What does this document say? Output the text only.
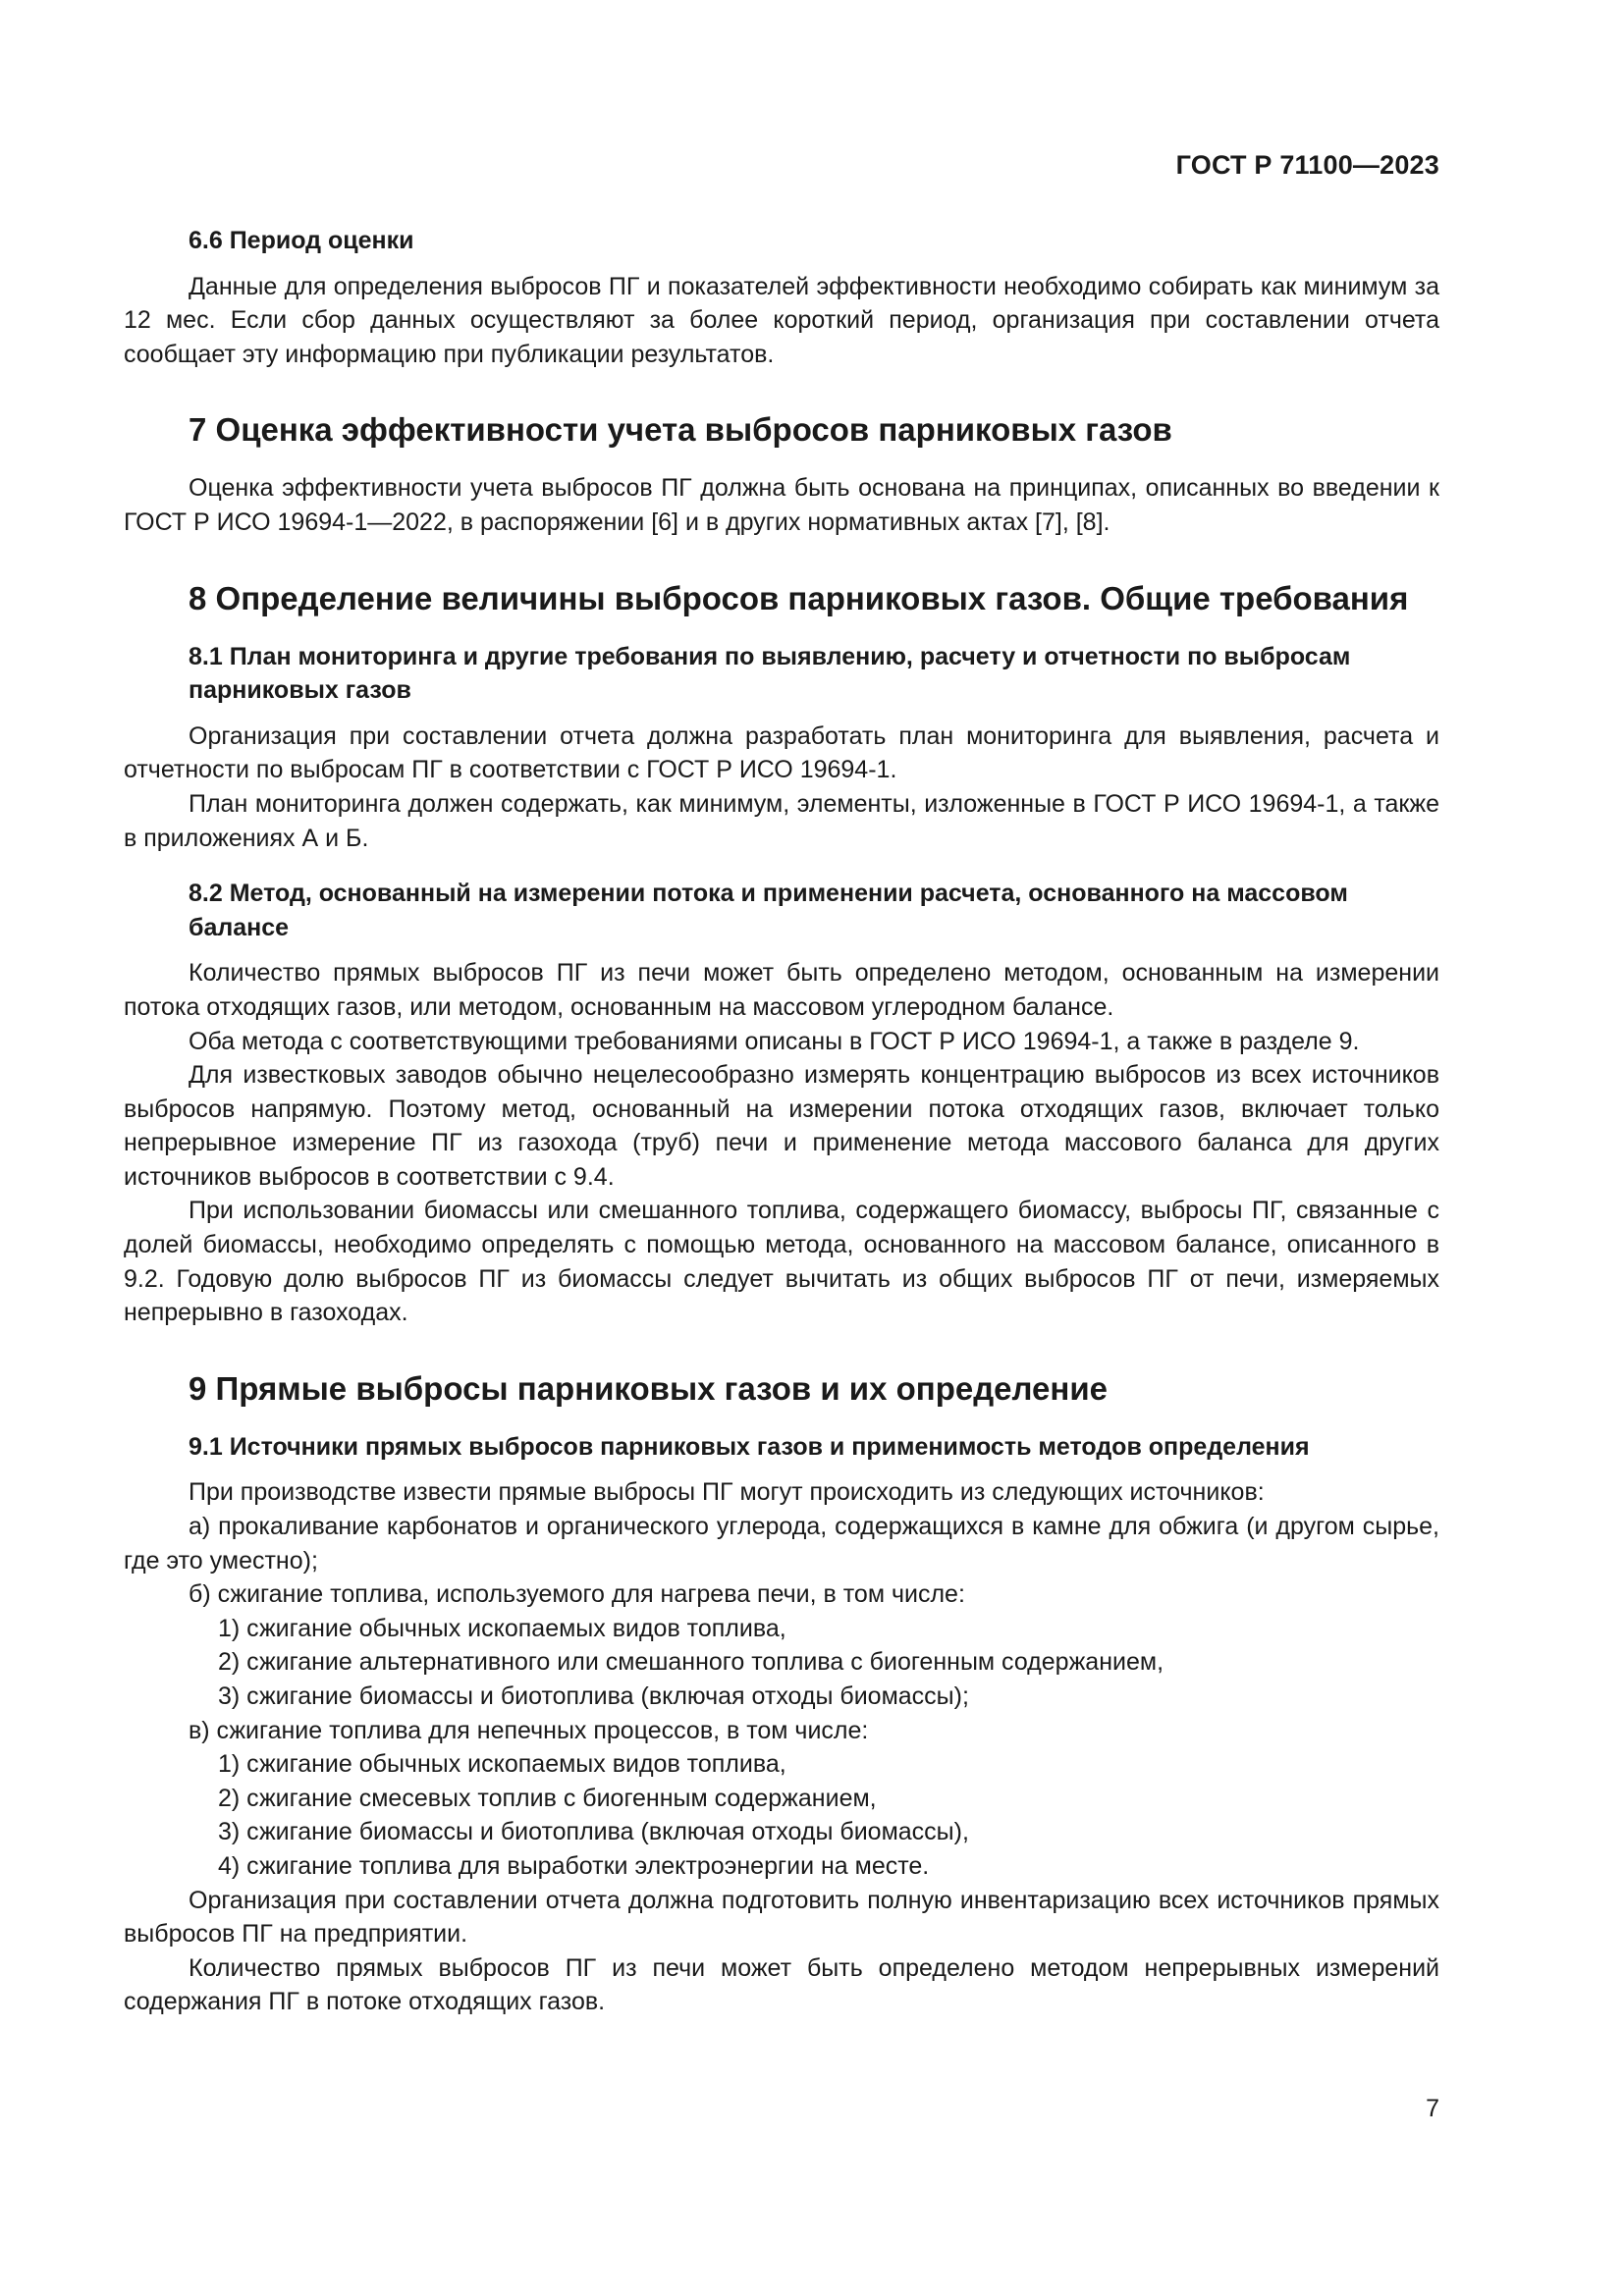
ГОСТ Р 71100—2023
6.6 Период оценки

Данные для определения выбросов ПГ и показателей эффективности необходимо собирать как минимум за 12 мес. Если сбор данных осуществляют за более короткий период, организация при составлении отчета сообщает эту информацию при публикации результатов.

7 Оценка эффективности учета выбросов парниковых газов

Оценка эффективности учета выбросов ПГ должна быть основана на принципах, описанных во введении к ГОСТ Р ИСО 19694-1—2022, в распоряжении [6] и в других нормативных актах [7], [8].

8 Определение величины выбросов парниковых газов. Общие требования
8.1 План мониторинга и другие требования по выявлению, расчету и отчетности по выбросам парниковых газов

Организация при составлении отчета должна разработать план мониторинга для выявления, расчета и отчетности по выбросам ПГ в соответствии с ГОСТ Р ИСО 19694-1.

План мониторинга должен содержать, как минимум, элементы, изложенные в ГОСТ Р ИСО 19694-1, а также в приложениях А и Б.

8.2 Метод, основанный на измерении потока и применении расчета, основанного на массовом балансе

Количество прямых выбросов ПГ из печи может быть определено методом, основанным на измерении потока отходящих газов, или методом, основанным на массовом углеродном балансе.

Оба метода с соответствующими требованиями описаны в ГОСТ Р ИСО 19694-1, а также в разделе 9.

Для известковых заводов обычно нецелесообразно измерять концентрацию выбросов из всех источников выбросов напрямую. Поэтому метод, основанный на измерении потока отходящих газов, включает только непрерывное измерение ПГ из газохода (труб) печи и применение метода массового баланса для других источников выбросов в соответствии с 9.4.

При использовании биомассы или смешанного топлива, содержащего биомассу, выбросы ПГ, связанные с долей биомассы, необходимо определять с помощью метода, основанного на массовом балансе, описанного в 9.2. Годовую долю выбросов ПГ из биомассы следует вычитать из общих выбросов ПГ от печи, измеряемых непрерывно в газоходах.

9 Прямые выбросы парниковых газов и их определение
9.1 Источники прямых выбросов парниковых газов и применимость методов определения

При производстве извести прямые выбросы ПГ могут происходить из следующих источников:

а) прокаливание карбонатов и органического углерода, содержащихся в камне для обжига (и другом сырье, где это уместно);

б) сжигание топлива, используемого для нагрева печи, в том числе:

1) сжигание обычных ископаемых видов топлива,

2) сжигание альтернативного или смешанного топлива с биогенным содержанием,

3) сжигание биомассы и биотоплива (включая отходы биомассы);

в) сжигание топлива для непечных процессов, в том числе:

1) сжигание обычных ископаемых видов топлива,

2) сжигание смесевых топлив с биогенным содержанием,

3) сжигание биомассы и биотоплива (включая отходы биомассы),

4) сжигание топлива для выработки электроэнергии на месте.

Организация при составлении отчета должна подготовить полную инвентаризацию всех источников прямых выбросов ПГ на предприятии.

Количество прямых выбросов ПГ из печи может быть определено методом непрерывных измерений содержания ПГ в потоке отходящих газов.

7
